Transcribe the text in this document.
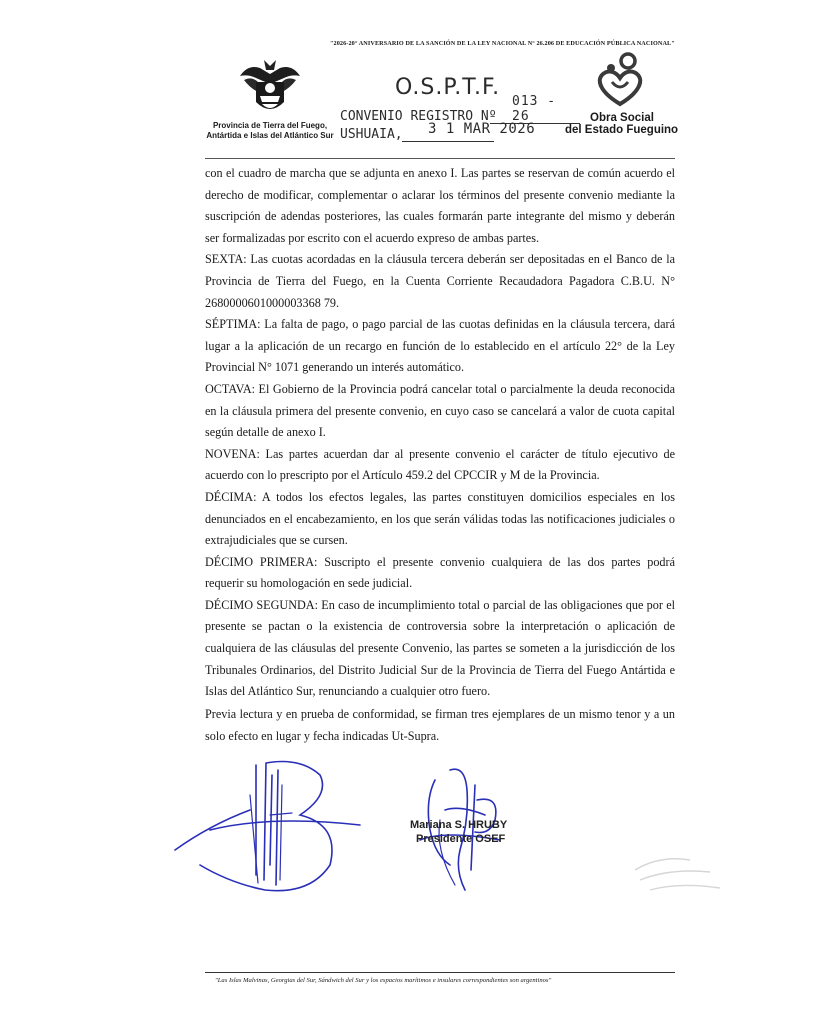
"2026-20° ANIVERSARIO DE LA SANCIÓN DE LA LEY NACIONAL N° 26.206 DE EDUCACIÓN PÚBLICA NACIONAL"
Provincia de Tierra del Fuego,
Antártida e Islas del Atlántico Sur
O.S.P.T.F.
013 - 26
CONVENIO REGISTRO Nº
USHUAIA, 3 1 MAR 2026
Obra Social
del Estado Fueguino

con el cuadro de marcha que se adjunta en anexo I. Las partes se reservan de común acuerdo el derecho de modificar, complementar o aclarar los términos del presente convenio mediante la suscripción de adendas posteriores, las cuales formarán parte integrante del mismo y deberán ser formalizadas por escrito con el acuerdo expreso de ambas partes.

SEXTA: Las cuotas acordadas en la cláusula tercera deberán ser depositadas en el Banco de la Provincia de Tierra del Fuego, en la Cuenta Corriente Recaudadora Pagadora C.B.U. N° 2680000601000003368 79.

SÉPTIMA: La falta de pago, o pago parcial de las cuotas definidas en la cláusula tercera, dará lugar a la aplicación de un recargo en función de lo establecido en el artículo 22° de la Ley Provincial N° 1071 generando un interés automático.

OCTAVA: El Gobierno de la Provincia podrá cancelar total o parcialmente la deuda reconocida en la cláusula primera del presente convenio, en cuyo caso se cancelará a valor de cuota capital según detalle de anexo I.

NOVENA: Las partes acuerdan dar al presente convenio el carácter de título ejecutivo de acuerdo con lo prescripto por el Artículo 459.2 del CPCCIR y M de la Provincia.

DÉCIMA: A todos los efectos legales, las partes constituyen domicilios especiales en los denunciados en el encabezamiento, en los que serán válidas todas las notificaciones judiciales o extrajudiciales que se cursen.

DÉCIMO PRIMERA: Suscripto el presente convenio cualquiera de las dos partes podrá requerir su homologación en sede judicial.

DÉCIMO SEGUNDA: En caso de incumplimiento total o parcial de las obligaciones que por el presente se pactan o la existencia de controversia sobre la interpretación o aplicación de cualquiera de las cláusulas del presente Convenio, las partes se someten a la jurisdicción de los Tribunales Ordinarios, del Distrito Judicial Sur de la Provincia de Tierra del Fuego Antártida e Islas del Atlántico Sur, renunciando a cualquier otro fuero.

Previa lectura y en prueba de conformidad, se firman tres ejemplares de un mismo tenor y a un solo efecto en lugar y fecha indicadas Ut-Supra.
Mariana S. HRUBY
Presidente OSEF
"Las Islas Malvinas, Georgias del Sur, Sándwich del Sur y los espacios marítimos e insulares correspondientes son argentinos"
